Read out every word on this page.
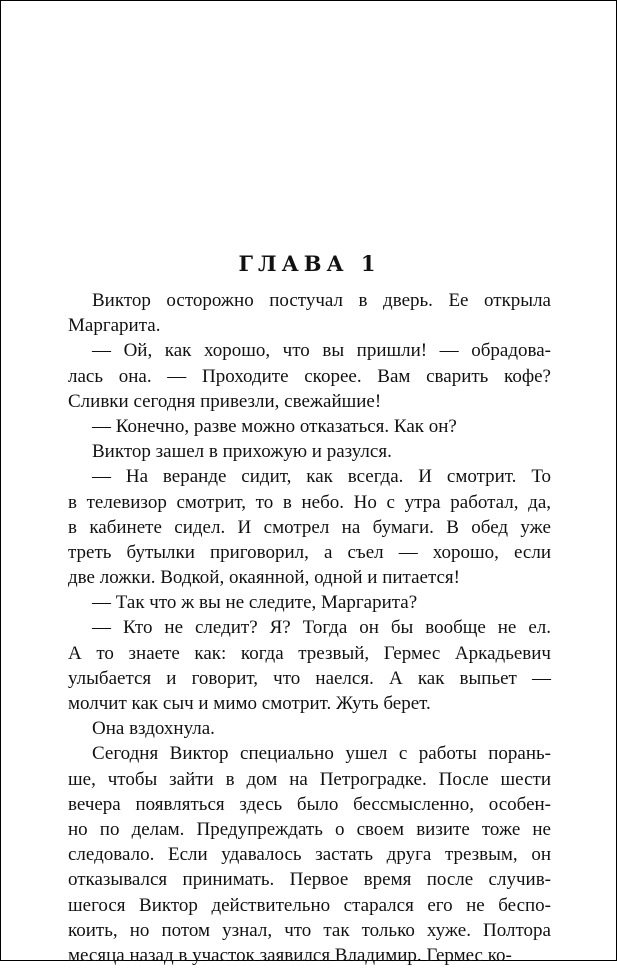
ГЛАВА 1
Виктор осторожно постучал в дверь. Ее открыла
Маргарита.
— Ой, как хорошо, что вы пришли! — обрадова-
лась она. — Проходите скорее. Вам сварить кофе?
Сливки сегодня привезли, свежайшие!
— Конечно, разве можно отказаться. Как он?
Виктор зашел в прихожую и разулся.
— На веранде сидит, как всегда. И смотрит. То
в телевизор смотрит, то в небо. Но с утра работал, да,
в кабинете сидел. И смотрел на бумаги. В обед уже
треть бутылки приговорил, а съел — хорошо, если
две ложки. Водкой, окаянной, одной и питается!
— Так что ж вы не следите, Маргарита?
— Кто не следит? Я? Тогда он бы вообще не ел.
А то знаете как: когда трезвый, Гермес Аркадьевич
улыбается и говорит, что наелся. А как выпьет —
молчит как сыч и мимо смотрит. Жуть берет.
Она вздохнула.
Сегодня Виктор специально ушел с работы порань-
ше, чтобы зайти в дом на Петроградке. После шести
вечера появляться здесь было бессмысленно, особен-
но по делам. Предупреждать о своем визите тоже не
следовало. Если удавалось застать друга трезвым, он
отказывался принимать. Первое время после случив-
шегося Виктор действительно старался его не беспо-
коить, но потом узнал, что так только хуже. Полтора
месяца назад в участок заявился Владимир. Гермес ко-
